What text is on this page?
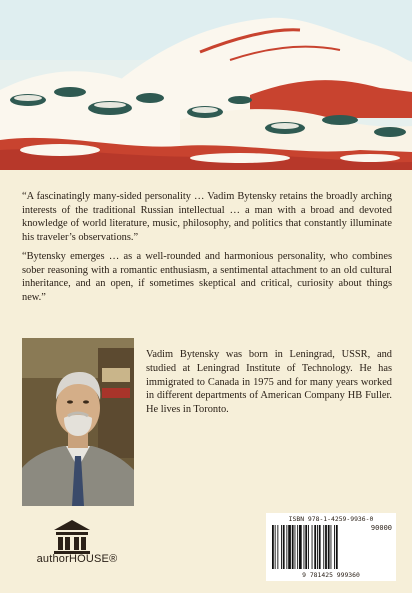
“A fascinatingly many-sided personality … Vadim Bytensky retains the broadly arching interests of the traditional Russian intellectual … a man with a broad and devoted knowledge of world literature, music, philosophy, and politics that constantly illuminate his traveler’s observations.”

“Bytensky emerges … as a well-rounded and harmonious personality, who combines sober reasoning with a romantic enthusiasm, a sentimental attachment to an old cultural inheritance, and an open, if sometimes skeptical and critical, curiosity about things new.”

Vadim Bytensky was born in Leningrad, USSR, and studied at Leningrad Institute of Technology. He has immigrated to Canada in 1975 and for many years worked in different departments of American Company HB Fuller. He lives in Toronto.

authorHOUSE®
ISBN 978-1-4259-9936-0
90000
9 781425 999360
